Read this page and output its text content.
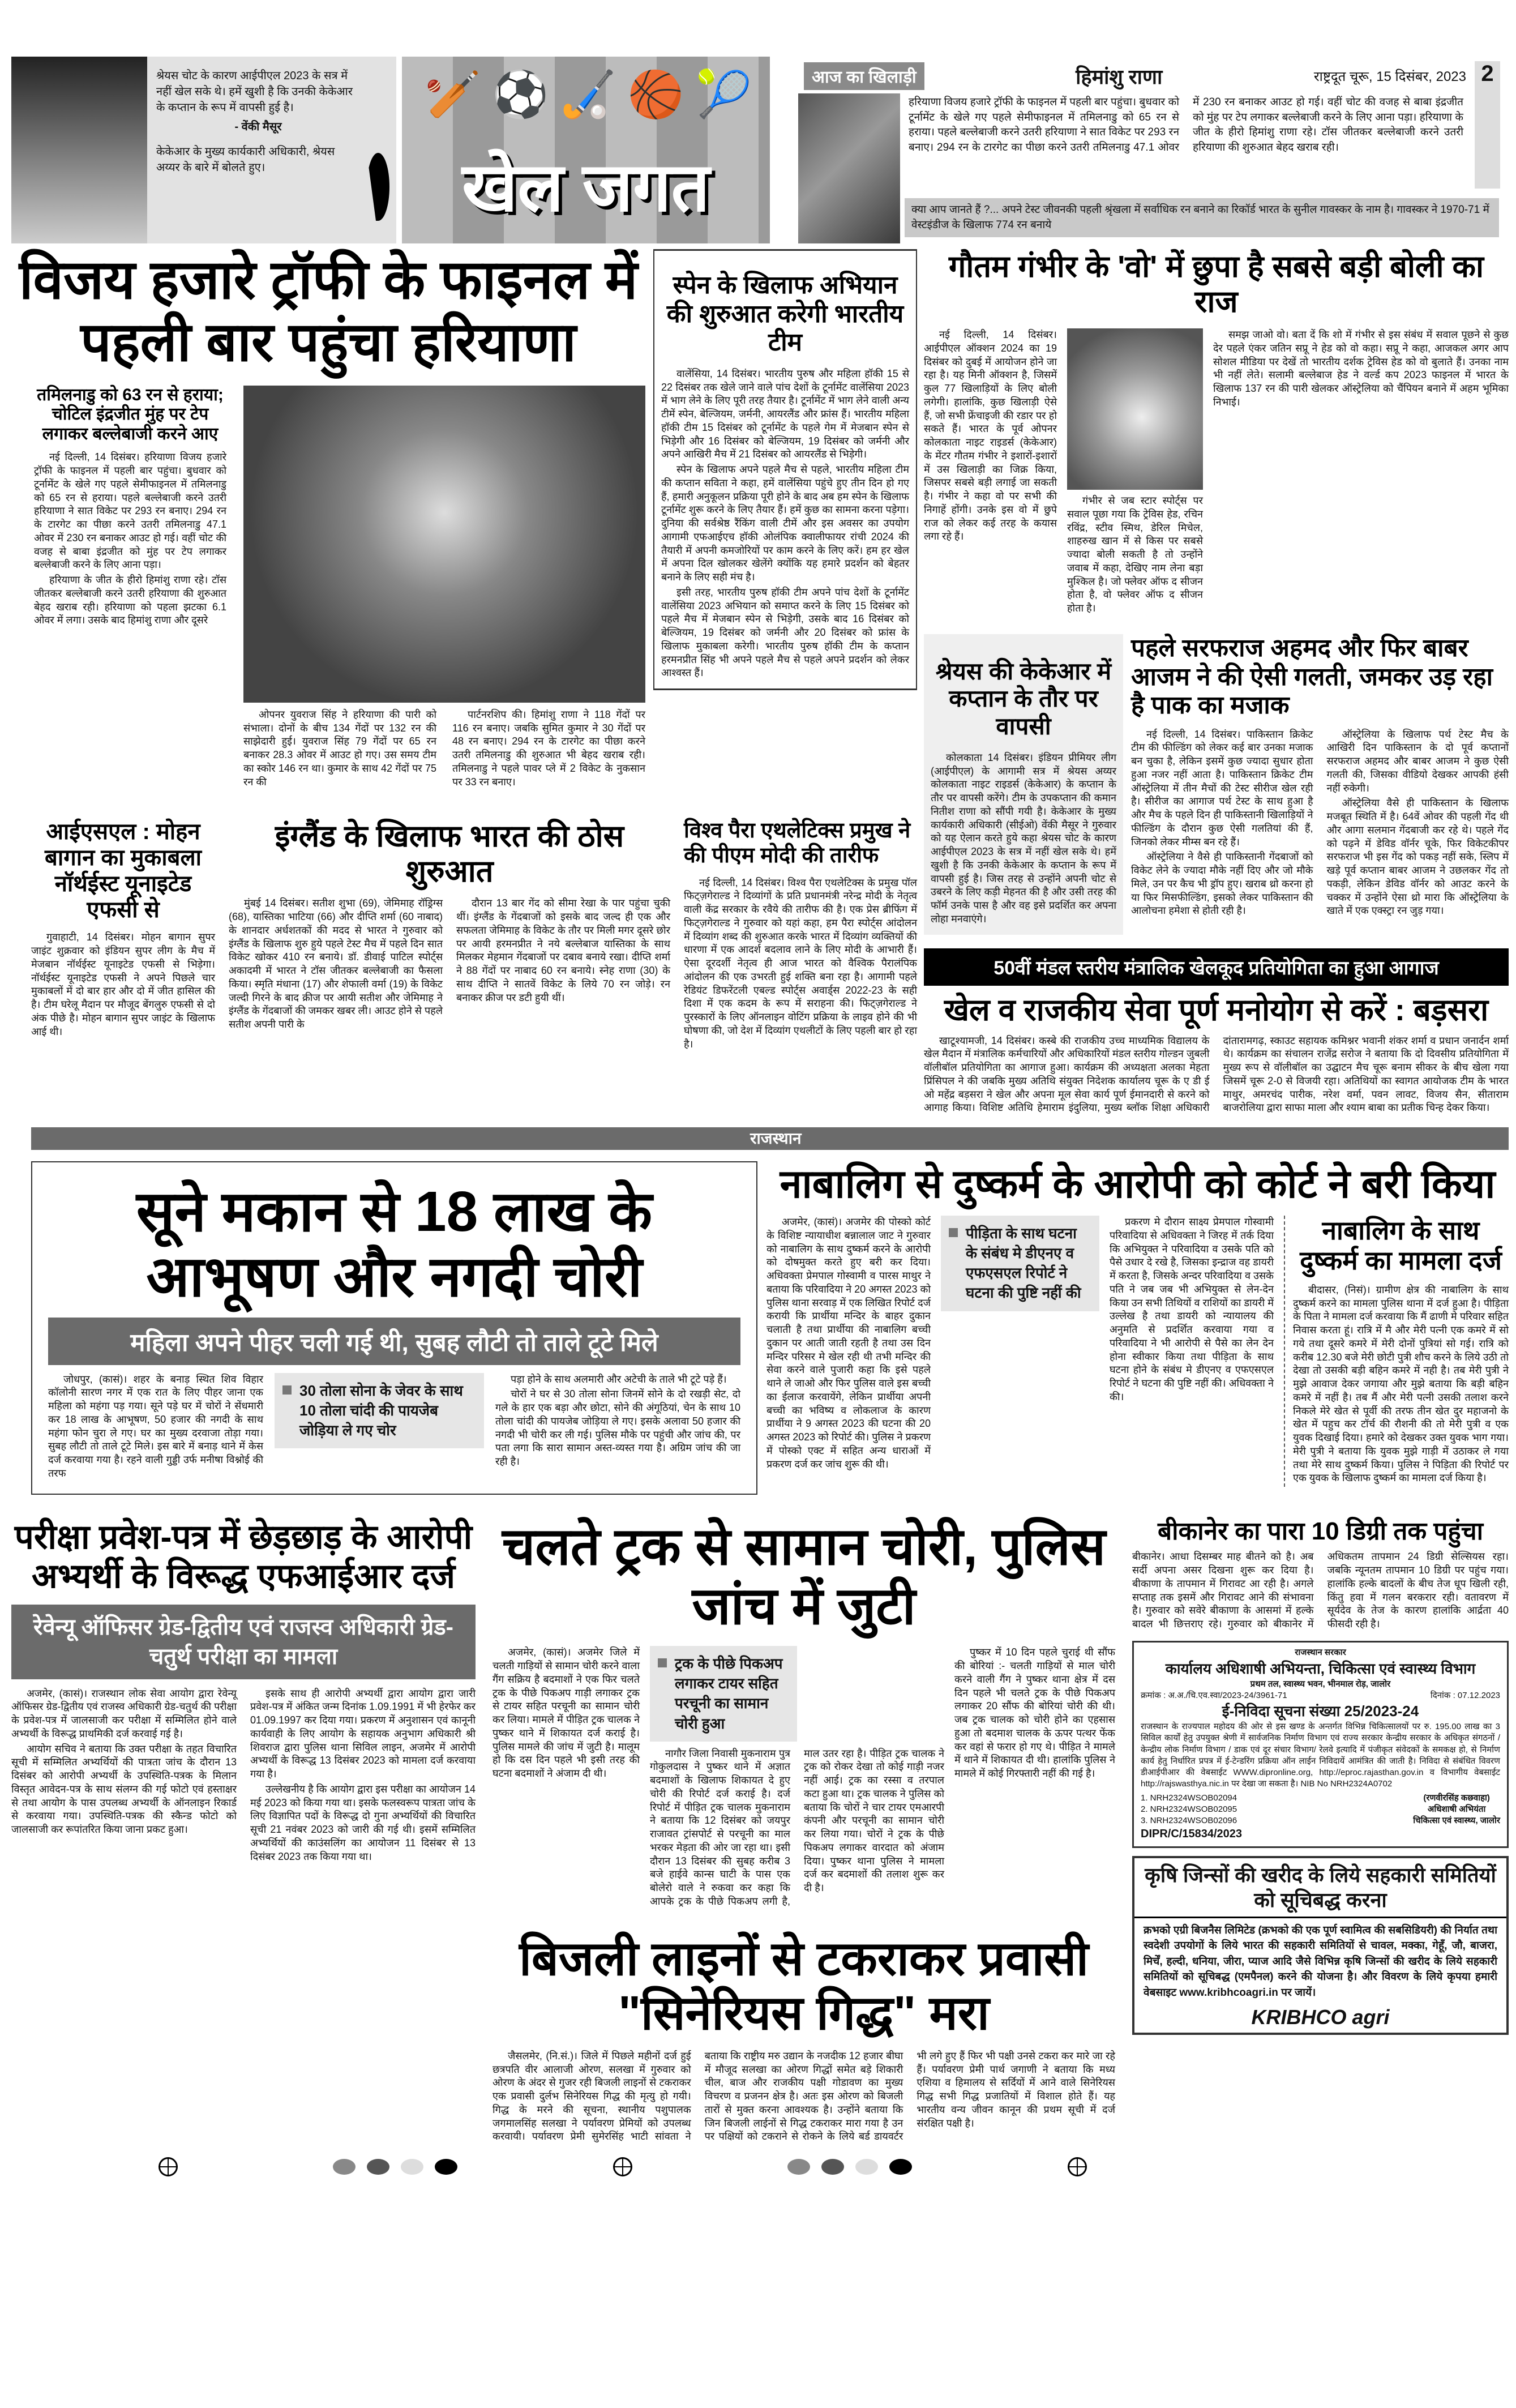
श्रेयस चोट के कारण आईपीएल 2023 के सत्र में नहीं खेल सके थे। हमें खुशी है कि उनकी केकेआर के कप्तान के रूप में वापसी हुई है।
- वेंकी मैसूर
केकेआर के मुख्य कार्यकारी अधिकारी, श्रेयस अय्यर के बारे में बोलते हुए।
🏏⚽🏑🏀🎾
खेल जगत
आज का खिलाड़ी	हिमांशु राणा	राष्ट्रदूत चूरू, 15 दिसंबर, 2023 2
हरियाणा विजय हजारे ट्रॉफी के फाइनल में पहली बार पहुंचा। बुधवार को टूर्नामेंट के खेले गए पहले सेमीफाइनल में तमिलनाडु को 65 रन से हराया। पहले बल्लेबाजी करने उतरी हरियाणा ने सात विकेट पर 293 रन बनाए। 294 रन के टारगेट का पीछा करने उतरी तमिलनाडु 47.1 ओवर में 230 रन बनाकर आउट हो गई। वहीं चोट की वजह से बाबा इंद्रजीत को मुंह पर टेप लगाकर बल्लेबाजी करने के लिए आना पड़ा। हरियाणा के जीत के हीरो हिमांशु राणा रहे। टॉस जीतकर बल्लेबाजी करने उतरी हरियाणा की शुरुआत बेहद खराब रही।
क्या आप जानते हैं ?... अपने टेस्ट जीवनकी पहली श्रृंखला में सर्वाधिक रन बनाने का रिकॉर्ड भारत के सुनील गावस्कर के नाम है। गावस्कर ने 1970-71 में वेस्टइंडीज के खिलाफ 774 रन बनाये
विजय हजारे ट्रॉफी के फाइनल में पहली बार पहुंचा हरियाणा
तमिलनाडु को 63 रन से हराया; चोटिल इंद्रजीत मुंह पर टेप लगाकर बल्लेबाजी करने आए

नई दिल्ली, 14 दिसंबर। हरियाणा विजय हजारे ट्रॉफी के फाइनल में पहली बार पहुंचा। बुधवार को टूर्नामेंट के खेले गए पहले सेमीफाइनल में तमिलनाडु को 65 रन से हराया। पहले बल्लेबाजी करने उतरी हरियाणा ने सात विकेट पर 293 रन बनाए। 294 रन के टारगेट का पीछा करने उतरी तमिलनाडु 47.1 ओवर में 230 रन बनाकर आउट हो गई। वहीं चोट की वजह से बाबा इंद्रजीत को मुंह पर टेप लगाकर बल्लेबाजी करने के लिए आना पड़ा।

हरियाणा के जीत के हीरो हिमांशु राणा रहे। टॉस जीतकर बल्लेबाजी करने उतरी हरियाणा की शुरुआत बेहद खराब रही। हरियाणा को पहला झटका 6.1 ओवर में लगा। उसके बाद हिमांशु राणा और दूसरे

ओपनर युवराज सिंह ने हरियाणा की पारी को संभाला। दोनों के बीच 134 गेंदों पर 132 रन की साझेदारी हुई। युवराज सिंह 79 गेंदों पर 65 रन बनाकर 28.3 ओवर में आउट हो गए। उस समय टीम का स्कोर 146 रन था। कुमार के साथ 42 गेंदों पर 75 रन की

पार्टनरशिप की। हिमांशु राणा ने 118 गेंदों पर 116 रन बनाए। जबकि सुमित कुमार ने 30 गेंदों पर 48 रन बनाए। 294 रन के टारगेट का पीछा करने उतरी तमिलनाडु की शुरुआत भी बेहद खराब रही। तमिलनाडु ने पहले पावर प्ले में 2 विकेट के नुकसान पर 33 रन बनाए।

स्पेन के खिलाफ अभियान की शुरुआत करेगी भारतीय टीम

वालेंसिया, 14 दिसंबर। भारतीय पुरुष और महिला हॉकी 15 से 22 दिसंबर तक खेले जाने वाले पांच देशों के टूर्नामेंट वालेंसिया 2023 में भाग लेने के लिए पूरी तरह तैयार है। टूर्नामेंट में भाग लेने वाली अन्य टीमें स्पेन, बेल्जियम, जर्मनी, आयरलैंड और फ्रांस हैं। भारतीय महिला हॉकी टीम 15 दिसंबर को टूर्नामेंट के पहले गेम में मेजबान स्पेन से भिड़ेगी और 16 दिसंबर को बेल्जियम, 19 दिसंबर को जर्मनी और अपने आखिरी मैच में 21 दिसंबर को आयरलैंड से भिड़ेगी।

स्पेन के खिलाफ अपने पहले मैच से पहले, भारतीय महिला टीम की कप्तान सविता ने कहा, हमें वालेंसिया पहुंचे हुए तीन दिन हो गए हैं, हमारी अनुकूलन प्रक्रिया पूरी होने के बाद अब हम स्पेन के खिलाफ टूर्नामेंट शुरू करने के लिए तैयार हैं। हमें कुछ का सामना करना पड़ेगा। दुनिया की सर्वश्रेष्ठ रैंकिंग वाली टीमें और इस अवसर का उपयोग आगामी एफआईएच हॉकी ओलंपिक क्वालीफायर रांची 2024 की तैयारी में अपनी कमजोरियों पर काम करने के लिए करें। हम हर खेल में अपना दिल खोलकर खेलेंगे क्योंकि यह हमारे प्रदर्शन को बेहतर बनाने के लिए सही मंच है।

इसी तरह, भारतीय पुरुष हॉकी टीम अपने पांच देशों के टूर्नामेंट वालेंसिया 2023 अभियान को समाप्त करने के लिए 15 दिसंबर को पहले मैच में मेजबान स्पेन से भिड़ेगी, उसके बाद 16 दिसंबर को बेल्जियम, 19 दिसंबर को जर्मनी और 20 दिसंबर को फ्रांस के खिलाफ मुकाबला करेगी। भारतीय पुरुष हॉकी टीम के कप्तान हरमनप्रीत सिंह भी अपने पहले मैच से पहले अपने प्रदर्शन को लेकर आश्वस्त हैं।

आईएसएल : मोहन बागान का मुकाबला नॉर्थईस्ट यूनाइटेड एफसी से

गुवाहाटी, 14 दिसंबर। मोहन बागान सुपर जाइंट शुक्रवार को इंडियन सुपर लीग के मैच में मेजबान नॉर्थईस्ट यूनाइटेड एफसी से भिड़ेगा। नॉर्थईस्ट यूनाइटेड एफसी ने अपने पिछले चार मुकाबलों में दो बार हार और दो में जीत हासिल की है। टीम घरेलू मैदान पर मौजूद बेंगलुरु एफसी से दो अंक पीछे है। मोहन बागान सुपर जाइंट के खिलाफ आई थी।

इंग्लैंड के खिलाफ भारत की ठोस शुरुआत

मुंबई 14 दिसंबर। सतीश शुभा (69), जेमिमाह रॉड्रिग्स (68), यास्तिका भाटिया (66) और दीप्ति शर्मा (60 नाबाद) के शानदार अर्धशतकों की मदद से भारत ने गुरुवार को इंग्लैंड के खिलाफ शुरु हुये पहले टेस्ट मैच में पहले दिन सात विकेट खोकर 410 रन बनाये। डॉ. डीवाई पाटिल स्पोर्ट्स अकादमी में भारत ने टॉस जीतकर बल्लेबाजी का फैसला किया। स्मृति मंधाना (17) और शेफाली वर्मा (19) के विकेट जल्दी गिरने के बाद क्रीज पर आयी सतीश और जेमिमाह ने इंग्लैंड के गेंदबाजों की जमकर खबर ली। आउट होने से पहले सतीश अपनी पारी के

दौरान 13 बार गेंद को सीमा रेखा के पार पहुंचा चुकी थीं। इंग्लैंड के गेंदबाजों को इसके बाद जल्द ही एक और सफलता जेमिमाह के विकेट के तौर पर मिली मगर दूसरे छोर पर आयी हरमनप्रीत ने नये बल्लेबाज यास्तिका के साथ मिलकर मेहमान गेंदबाजों पर दबाव बनाये रखा। दीप्ति शर्मा ने 88 गेंदों पर नाबाद 60 रन बनाये। स्नेह राणा (30) के साथ दीप्ति ने सातवें विकेट के लिये 70 रन जोड़े। रन बनाकर क्रीज पर डटी हुयी थीं।

विश्व पैरा एथलेटिक्स प्रमुख ने की पीएम मोदी की तारीफ

नई दिल्ली, 14 दिसंबर। विश्व पैरा एथलेटिक्स के प्रमुख पॉल फिट्ज़गेराल्ड ने दिव्यांगों के प्रति प्रधानमंत्री नरेन्द्र मोदी के नेतृत्व वाली केंद्र सरकार के रवैये की तारीफ की है। एक प्रेस ब्रीफिंग में फिट्ज़गेराल्ड ने गुरुवार को यहां कहा, हम पैरा स्पोर्ट्स आंदोलन में दिव्यांग शब्द की शुरुआत करके भारत में दिव्यांग व्यक्तियों की धारणा में एक आदर्श बदलाव लाने के लिए मोदी के आभारी हैं। ऐसा दूरदर्शी नेतृत्व ही आज भारत को वैश्विक पैरालंपिक आंदोलन की एक उभरती हुई शक्ति बना रहा है। आगामी पहले रेडियंट डिफरेंटली एबल्ड स्पोर्ट्स अवार्ड्स 2022-23 के सही दिशा में एक कदम के रूप में सराहना की। फिट्ज़गेराल्ड ने पुरस्कारों के लिए ऑनलाइन वोटिंग प्रक्रिया के लाइव होने की भी घोषणा की, जो देश में दिव्यांग एथलीटों के लिए पहली बार हो रहा है।

गौतम गंभीर के 'वो' में छुपा है सबसे बड़ी बोली का राज

नई दिल्ली, 14 दिसंबर। आईपीएल ऑक्शन 2024 का 19 दिसंबर को दुबई में आयोजन होने जा रहा है। यह मिनी ऑक्शन है, जिसमें कुल 77 खिलाड़ियों के लिए बोली लगेगी। हालांकि, कुछ खिलाड़ी ऐसे हैं, जो सभी फ्रेंचाइजी की रडार पर हो सकते हैं। भारत के पूर्व ओपनर कोलकाता नाइट राइडर्स (केकेआर) के मेंटर गौतम गंभीर ने इशारों-इशारों में उस खिलाड़ी का जिक्र किया, जिसपर सबसे बड़ी लगाई जा सकती है। गंभीर ने कहा वो पर सभी की निगाहें होंगी। उनके इस वो में छुपे राज को लेकर कई तरह के कयास लगा रहे हैं।

गंभीर से जब स्टार स्पोर्ट्स पर सवाल पूछा गया कि ट्रेविस हेड, रचिन रविंद्र, स्टीव स्मिथ, डेरिल मिचेल, शाहरुख खान में से किस पर सबसे ज्यादा बोली सकती है तो उन्होंने जवाब में कहा, देखिए नाम लेना बड़ा मुश्किल है। जो फ्लेवर ऑफ द सीजन होता है, वो फ्लेवर ऑफ द सीजन होता है।

समझ जाओ वो। बता दें कि शो में गंभीर से इस संबंध में सवाल पूछने से कुछ देर पहले एंकर जतिन सप्रू ने हेड को वो कहा। सप्रू ने कहा, आजकल अगर आप सोशल मीडिया पर देखें तो भारतीय दर्शक ट्रेविस हेड को वो बुलाते हैं। उनका नाम भी नहीं लेते। सलामी बल्लेबाज हेड ने वर्ल्ड कप 2023 फाइनल में भारत के खिलाफ 137 रन की पारी खेलकर ऑस्ट्रेलिया को चैंपियन बनाने में अहम भूमिका निभाई।

श्रेयस की केकेआर में कप्तान के तौर पर वापसी

कोलकाता 14 दिसंबर। इंडियन प्रीमियर लीग (आईपीएल) के आगामी सत्र में श्रेयस अय्यर कोलकाता नाइट राइडर्स (केकेआर) के कप्तान के तौर पर वापसी करेंगे। टीम के उपकप्तान की कमान नितीश राणा को सौंपी गयी है। केकेआर के मुख्य कार्यकारी अधिकारी (सीईओ) वेंकी मैसूर ने गुरुवार को यह ऐलान करते हुये कहा श्रेयस चोट के कारण आईपीएल 2023 के सत्र में नहीं खेल सके थे। हमें खुशी है कि उनकी केकेआर के कप्तान के रूप में वापसी हुई है। जिस तरह से उन्होंने अपनी चोट से उबरने के लिए कड़ी मेहनत की है और उसी तरह की फॉर्म उनके पास है और वह इसे प्रदर्शित कर अपना लोहा मनवाएंगे।

पहले सरफराज अहमद और फिर बाबर आजम ने की ऐसी गलती, जमकर उड़ रहा है पाक का मजाक

नई दिल्ली, 14 दिसंबर। पाकिस्तान क्रिकेट टीम की फील्डिंग को लेकर कई बार उनका मजाक बन चुका है, लेकिन इसमें कुछ ज्यादा सुधार होता हुआ नजर नहीं आता है। पाकिस्तान क्रिकेट टीम ऑस्ट्रेलिया में तीन मैचों की टेस्ट सीरीज खेल रही है। सीरीज का आगाज पर्थ टेस्ट के साथ हुआ है और मैच के पहले दिन ही पाकिस्तानी खिलाड़ियों ने फील्डिंग के दौरान कुछ ऐसी गलतियां की हैं, जिनको लेकर मीम्स बन रहे हैं।

ऑस्ट्रेलिया ने वैसे ही पाकिस्तानी गेंदबाजों को विकेट लेने के ज्यादा मौके नहीं दिए और जो मौके मिले, उन पर कैच भी ड्रॉप हुए। खराब थ्रो करना हो या फिर मिसफील्डिंग, इसको लेकर पाकिस्तान की आलोचना हमेशा से होती रही है।

ऑस्ट्रेलिया के खिलाफ पर्थ टेस्ट मैच के आखिरी दिन पाकिस्तान के दो पूर्व कप्तानों सरफराज अहमद और बाबर आजम ने कुछ ऐसी गलती की, जिसका वीडियो देखकर आपकी हंसी नहीं रुकेगी।

ऑस्ट्रेलिया वैसे ही पाकिस्तान के खिलाफ मजबूत स्थिति में है। 64वें ओवर की पहली गेंद थी और आगा सलमान गेंदबाजी कर रहे थे। पहले गेंद को पढ़ने में डेविड वॉर्नर चूके, फिर विकेटकीपर सरफराज भी इस गेंद को पकड़ नहीं सके, स्लिप में खड़े पूर्व कप्तान बाबर आजम ने उछलकर गेंद तो पकड़ी, लेकिन डेविड वॉर्नर को आउट करने के चक्कर में उन्होंने ऐसा थ्रो मारा कि ऑस्ट्रेलिया के खाते में एक एक्स्ट्रा रन जुड़ गया।

50वीं मंडल स्तरीय मंत्रालिक खेलकूद प्रतियोगिता का हुआ आगाज
खेल व राजकीय सेवा पूर्ण मनोयोग से करें : बड़सरा

खाटूश्यामजी, 14 दिसंबर। कस्बे की राजकीय उच्च माध्यमिक विद्यालय के खेल मैदान में मंत्रालिक कर्मचारियों और अधिकारियों मंडल स्तरीय गोल्डन जुबली वॉलीबॉल प्रतियोगिता का आगाज हुआ। कार्यक्रम की अध्यक्षता अलका मेहता प्रिंसिपल ने की जबकि मुख्य अतिथि संयुक्त निदेशक कार्यालय चूरू के ए डी ई ओ महेंद्र बड़सरा ने खेल और अपना मूल सेवा कार्य पूर्ण ईमानदारी से करने को आगाह किया। विशिष्ट अतिथि हेमाराम इंदुलिया, मुख्य ब्लॉक शिक्षा अधिकारी दांतारामगढ़, स्काउट सहायक कमिश्नर भवानी शंकर शर्मा व प्रधान जनार्दन शर्मा थे। कार्यक्रम का संचालन राजेंद्र सरोज ने बताया कि दो दिवसीय प्रतियोगिता में मुख्य रूप से वॉलीबॉल का उद्घाटन मैच चूरू बनाम सीकर के बीच खेला गया जिसमें चूरू 2-0 से विजयी रहा। अतिथियों का स्वागत आयोजक टीम के भारत माथुर, अमरचंद पारीक, नरेश वर्मा, पवन लावट, विजय सैन, सीताराम बाजरोलिया द्वारा साफा माला और श्याम बाबा का प्रतीक चिन्ह देकर किया।

राजस्थान
सूने मकान से 18 लाख के आभूषण और नगदी चोरी
महिला अपने पीहर चली गई थी, सुबह लौटी तो ताले टूटे मिले

जोधपुर, (कासं)। शहर के बनाड़ स्थित शिव विहार कॉलोनी सारण नगर में एक रात के लिए पीहर जाना एक महिला को महंगा पड़ गया। सूने पड़े घर में चोरों ने सेंधमारी कर 18 लाख के आभूषण, 50 हजार की नगदी के साथ महंगा फोन चुरा ले गए। घर का मुख्य दरवाजा तोड़ा गया। सुबह लौटी तो ताले टूटे मिले। इस बारे में बनाड़ थाने में केस दर्ज करवाया गया है। रहने वाली गुड्डी उर्फ मनीषा विश्नोई की तरफ

30 तोला सोना के जेवर के साथ 10 तोला चांदी की पायजेब जोड़िया ले गए चोर

पड़ा होने के साथ अलमारी और अटेची के ताले भी टूटे पड़े हैं।

चोरों ने घर से 30 तोला सोना जिनमें सोने के दो रखड़ी सेट, दो गले के हार एक बड़ा और छोटा, सोने की अंगूठियां, चेन के साथ 10 तोला चांदी की पायजेब जोड़िया ले गए। इसके अलावा 50 हजार की नगदी भी चोरी कर ली गई। पुलिस मौके पर पहुंची और जांच की, पर पता लगा कि सारा सामान अस्त-व्यस्त गया है। अग्रिम जांच की जा रही है।

नाबालिग से दुष्कर्म के आरोपी को कोर्ट ने बरी किया

अजमेर, (कासं)। अजमेर की पोस्को कोर्ट के विशिष्ट न्यायाधीश बन्नालाल जाट ने गुरुवार को नाबालिग के साथ दुष्कर्म करने के आरोपी को दोषमुक्त करते हुए बरी कर दिया। अधिवक्ता प्रेमपाल गोस्वामी व पारस माथुर ने बताया कि परिवादिया ने 20 अगस्त 2023 को पुलिस थाना सरवाड़ में एक लिखित रिपोर्ट दर्ज करायी कि प्रार्थीया मन्दिर के बाहर दुकान चलाती है तथा प्रार्थीया की नाबालिग बच्ची दुकान पर आती जाती रहती है तथा उस दिन मन्दिर परिसर मे खेल रही थी तभी मन्दिर की सेवा करने वाले पुजारी कहा कि इसे पहले थाने ले जाओ और फिर पुलिस वाले इस बच्ची का ईलाज करवायेंगे, लेकिन प्रार्थीया अपनी बच्ची का भविष्य व लोकलाज के कारण प्रार्थीया ने 9 अगस्त 2023 की घटना की 20 अगस्त 2023 को रिपोर्ट की। पुलिस ने प्रकरण में पोस्को एक्ट में सहित अन्य धाराओं में प्रकरण दर्ज कर जांच शुरू की थी।

पीड़िता के साथ घटना के संबंध मे डीएनए व एफएसएल रिपोर्ट ने घटना की पुष्टि नहीं की

प्रकरण मे दौरान साक्ष्य प्रेमपाल गोस्वामी परिवादिया से अधिवक्ता ने जिरह में तर्क दिया कि अभियुक्त ने परिवादिया व उसके पति को पैसे उधार दे रखे है, जिसका इन्द्राज वह डायरी में करता है, जिसके अन्दर परिवादिया व उसके पति ने जब जब भी अभियुक्त से लेन-देन किया उन सभी तिथियों व राशियों का डायरी में उल्लेख है तथा डायरी को न्यायालय की अनुमति से प्रदर्शित करवाया गया व परिवादिया ने भी आरोपी से पैसे का लेन देन होना स्वीकार किया तथा पीड़िता के साथ घटना होने के संबंध मे डीएनए व एफएसएल रिपोर्ट ने घटना की पुष्टि नहीं की। अधिवक्ता ने की।

नाबालिग के साथ दुष्कर्म का मामला दर्ज

बीदासर, (निसं)। ग्रामीण क्षेत्र की नाबालिग के साथ दुष्कर्म करने का मामला पुलिस थाना में दर्ज हुआ है। पीड़िता के पिता ने मामला दर्ज करवाया कि मैं ढाणी मे परिवार सहित निवास करता हूं। रात्रि में मै और मेरी पत्नी एक कमरे में सो गये तथा दूसरे कमरे में मेरी दोनों पुत्रियां सो गई। रात्रि को करीब 12.30 बजे मेरी छोटी पुत्री शौच करने के लिये उठी तो देखा तो उसकी बड़ी बहिन कमरे में नही है। तब मेरी पुत्री ने मुझे आवाज देकर जगाया और मुझे बताया कि बड़ी बहिन कमरे में नहीं है। तब मैं और मेरी पत्नी उसकी तलाश करने निकले मेरे खेत से पूर्वी की तरफ तीन खेत दुर महाजनो के खेत में पहुच कर टॉर्च की रौशनी की तो मेरी पुत्री व एक युवक दिखाई दिया। हमारे को देखकर उक्त युवक भाग गया। मेरी पुत्री ने बताया कि युवक मुझे गाड़ी में उठाकर ले गया तथा मेरे साथ दुष्कर्म किया। पुलिस ने पिड़िता की रिपोर्ट पर एक युवक के खिलाफ दुष्कर्म का मामला दर्ज किया है।

परीक्षा प्रवेश-पत्र में छेड़छाड़ के आरोपी अभ्यर्थी के विरूद्ध एफआईआर दर्ज
रेवेन्यू ऑफिसर ग्रेड-द्वितीय एवं राजस्व अधिकारी ग्रेड-चतुर्थ परीक्षा का मामला

अजमेर, (कासं)। राजस्थान लोक सेवा आयोग द्वारा रेवेन्यू ऑफिसर ग्रेड-द्वितीय एवं राजस्व अधिकारी ग्रेड-चतुर्थ की परीक्षा के प्रवेश-पत्र में जालसाजी कर परीक्षा में सम्मिलित होने वाले अभ्यर्थी के विरूद्ध प्राथमिकी दर्ज करवाई गई है।

आयोग सचिव ने बताया कि उक्त परीक्षा के तहत विचारित सूची में सम्मिलित अभ्यर्थियों की पात्रता जांच के दौरान 13 दिसंबर को आरोपी अभ्यर्थी के उपस्थिति-पत्रक के मिलान विस्तृत आवेदन-पत्र के साथ संलग्न की गई फोटो एवं हस्ताक्षर से तथा आयोग के पास उपलब्ध अभ्यर्थी के ऑनलाइन रिकार्ड से करवाया गया। उपस्थिति-पत्रक की स्कैन्ड फोटो को जालसाजी कर रूपांतरित किया जाना प्रकट हुआ।

इसके साथ ही आरोपी अभ्यर्थी द्वारा आयोग द्वारा जारी प्रवेश-पत्र में अंकित जन्म दिनांक 1.09.1991 में भी हेरफेर कर 01.09.1997 कर दिया गया। प्रकरण में अनुशासन एवं कानूनी कार्यवाही के लिए आयोग के सहायक अनुभाग अधिकारी श्री शिवराज द्वारा पुलिस थाना सिविल लाइन, अजमेर में आरोपी अभ्यर्थी के विरूद्ध 13 दिसंबर 2023 को मामला दर्ज करवाया गया है।

उल्लेखनीय है कि आयोग द्वारा इस परीक्षा का आयोजन 14 मई 2023 को किया गया था। इसके फलस्वरूप पात्रता जांच के लिए विज्ञापित पदों के विरूद्ध दो गुना अभ्यर्थियों की विचारित सूची 21 नवंबर 2023 को जारी की गई थी। इसमें सम्मिलित अभ्यर्थियों की काउंसलिंग का आयोजन 11 दिसंबर से 13 दिसंबर 2023 तक किया गया था।

चलते ट्रक से सामान चोरी, पुलिस जांच में जुटी

अजमेर, (कासं)। अजमेर जिले में चलती गाड़ियों से सामान चोरी करने वाला गैंग सक्रिय है बदमाशों ने एक फिर चलते ट्रक के पीछे पिकअप गाड़ी लगाकर ट्रक से टायर सहित परचूनी का सामान चोरी कर लिया। मामले में पीड़ित ट्रक चालक ने पुष्कर थाने में शिकायत दर्ज कराई है। पुलिस मामले की जांच में जुटी है। मालूम हो कि दस दिन पहले भी इसी तरह की घटना बदमाशों ने अंजाम दी थी।

ट्रक के पीछे पिकअप लगाकर टायर सहित परचूनी का सामान चोरी हुआ

नागौर जिला निवासी मुकनाराम पुत्र गोकुलदास ने पुष्कर थाने में अज्ञात बदमाशों के खिलाफ शिकायत दे हुए चोरी की रिपोर्ट दर्ज कराई है। दर्ज रिपोर्ट में पीड़ित ट्रक चालक मुकनाराम ने बताया कि 12 दिसंबर को जयपुर राजावत ट्रांसपोर्ट से परचूनी का माल भरकर मेड़ता की ओर जा रहा था। इसी दौरान 13 दिसंबर की सुबह करीब 3 बजे हाईवे कान्स घाटी के पास एक बोलेरो वाले ने रुकवा कर कहा कि आपके ट्रक के पीछे पिकअप लगी है, माल उतर रहा है। पीड़ित ट्रक चालक ने ट्रक को रोकर देखा तो कोई गाड़ी नजर नहीं आई। ट्रक का रस्सा व तरपाल कटा हुआ था। ट्रक चालक ने पुलिस को बताया कि चोरों ने चार टायर एमआरपी कंपनी और परचूनी का सामान चोरी कर लिया गया। चोरों ने ट्रक के पीछे पिकअप लगाकर वारदात को अंजाम दिया। पुष्कर थाना पुलिस ने मामला दर्ज कर बदमाशों की तलाश शुरू कर दी है।

पुष्कर में 10 दिन पहले चुराई थी सौंफ की बोरियां :- चलती गाड़ियों से माल चोरी करने वाली गैंग ने पुष्कर थाना क्षेत्र में दस दिन पहले भी चलते ट्रक के पीछे पिकअप लगाकर 20 सौंफ की बोरियां चोरी की थी। जब ट्रक चालक को चोरी होने का एहसास हुआ तो बदमाश चालक के ऊपर पत्थर फेंक कर वहां से फरार हो गए थे। पीड़ित ने मामले में थाने में शिकायत दी थी। हालांकि पुलिस ने मामले में कोई गिरफ्तारी नहीं की गई है।

बिजली लाइनों से टकराकर प्रवासी "सिनेरियस गिद्ध" मरा

जैसलमेर, (नि.सं.)। जिले में पिछले महीनों दर्ज हुई छत्रपति वीर आलाजी ओरण, सलखा में गुरुवार को ओरण के अंदर से गुजर रही बिजली लाइनों से टकराकर एक प्रवासी दुर्लभ सिनेरियस गिद्ध की मृत्यु हो गयी। गिद्ध के मरने की सूचना, स्थानीय पशुपालक जगमालसिंह सलखा ने पर्यावरण प्रेमियों को उपलब्ध करवायी। पर्यावरण प्रेमी सुमेरसिंह भाटी सांवता ने बताया कि राष्ट्रीय मरु उद्यान के नजदीक 12 हजार बीघा में मौजूद सलखा का ओरण गिद्धों समेत बड़े शिकारी चील, बाज और राजकीय पक्षी गोडावण का मुख्य विचरण व प्रजनन क्षेत्र है। अतः इस ओरण को बिजली तारों से मुक्त करना आवश्यक है। उन्होंने बताया कि जिन बिजली लाईनों से गिद्ध टकराकर मारा गया है उन पर पक्षियों को टकराने से रोकने के लिये बर्ड डायवर्टर भी लगे हुए हैं फिर भी पक्षी उनसे टकरा कर मारे जा रहे हैं। पर्यावरण प्रेमी पार्थ जगाणी ने बताया कि मध्य एशिया व हिमालय से सर्दियों में आने वाले सिनेरियस गिद्ध सभी गिद्ध प्रजातियों में विशाल होते हैं। यह भारतीय वन्य जीवन कानून की प्रथम सूची में दर्ज संरक्षित पक्षी है।

बीकानेर का पारा 10 डिग्री तक पहुंचा

बीकानेर। आधा दिसम्बर माह बीतने को है। अब सर्दी अपना असर दिखना शुरू कर दिया है। बीकाणा के तापमान में गिरावट आ रही है। अगले सप्ताह तक इसमें और गिरावट आने की संभावना है। गुरुवार को सवेरे बीकाणा के आसमां में हल्के बादल भी छित्तराए रहे। गुरुवार को बीकानेर में अधिकतम तापमान 24 डिग्री सेल्सियस रहा। जबकि न्यूनतम तापमान 10 डिग्री पर पहुंच गया। हालांकि हल्के बादलों के बीच तेज धूप खिली रही, किंतु हवा में गलन बरकरार रही। वतावरण में सूर्यदेव के तेज के कारण हालांकि आर्द्रता 40 फीसदी रही है।

राजस्थान सरकार
कार्यालय अधिशाषी अभियन्ता, चिकित्सा एवं स्वास्थ्य विभाग
प्रथम तल, स्वास्थ्य भवन, भीनमाल रोड़, जालोर
क्रमांक : अ.अ./चि.एव.स्वा/2023-24/3961-71	दिनांक : 07.12.2023
ई-निविदा सूचना संख्या 25/2023-24
राजस्थान के राज्यपाल महोदय की ओर से इस खण्ड के अन्तर्गत विभिन्न चिकित्सालयों पर रु. 195.00 लाख का 3 सिविल कार्यों हेतु उपयुक्त श्रेणी में सार्वजनिक निर्माण विभाग एवं राज्य सरकार केन्द्रीय सरकार के अधिकृत संगठनों / केन्द्रीय लोक निर्माण विभाग / डाक एवं दूर संचार विभाग/ रेलवे इत्यादि में पंजीकृत संवेदकों के समकक्ष हो, से निर्माण कार्य हेतु निर्धारित प्रपत्र में ई-टेन्डरिंग प्रक्रिया ऑन लाईन निविदायें आमंत्रित की जाती है। निविदा से संबंधित विवरण डीआईपीआर की वेबसाईट WWW.dipronline.org, http://eproc.rajasthan.gov.in व विभागीय वेबसाईट http://rajswasthya.nic.in पर देखा जा सकता है। NIB No NRH2324A0702
1. NRH2324WSOB02094
2. NRH2324WSOB02095
3. NRH2324WSOB02096
DIPR/C/15834/2023
(रणवीरसिंह कछवाहा)
अधिशाषी अभियंता
चिकित्सा एवं स्वास्थ्य, जालोर
कृषि जिन्सों की खरीद के लिये सहकारी समितियों को सूचिबद्ध करना
क्रभको एग्री बिजनैस लिमिटेड (क्रभको की एक पूर्ण स्वामित्व की सबसिडियरी) की निर्यात तथा स्वदेशी उपयोगों के लिये भारत की सहकारी समितियों से चावल, मक्का, गेहूँ, जौ, बाजरा, मिर्चें, हल्दी, धनिया, जीरा, प्याज आदि जैसे विभिन्न कृषि जिन्सों की खरीद के लिये सहकारी समितियों को सूचिबद्ध (एमपैनल) करने की योजना है। और विवरण के लिये कृपया हमारी वेबसाइट www.kribhcoagri.in पर जायें।
KRIBHCO agri
